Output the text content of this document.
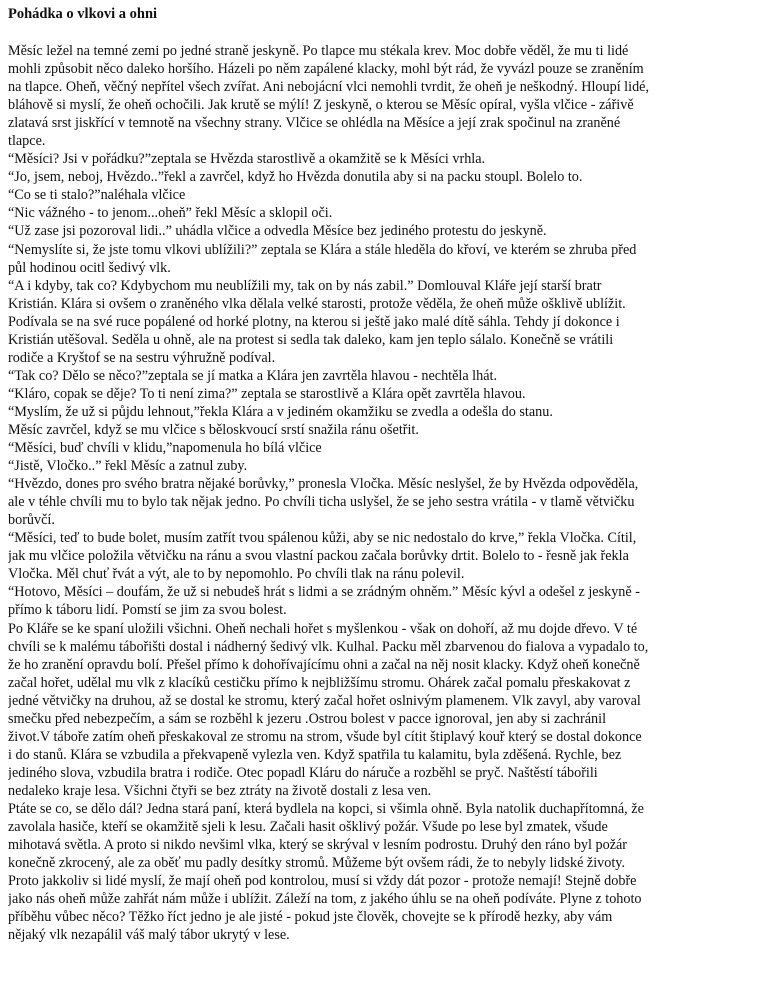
Pohádka o vlkovi a ohni
Měsíc ležel na temné zemi po jedné straně jeskyně. Po tlapce mu stékala krev. Moc dobře věděl, že mu ti lidé
mohli způsobit něco daleko horšího. Házeli po něm zapálené klacky, mohl být rád, že vyvázl pouze se zraněním
na tlapce. Oheň, věčný nepřítel všech zvířat. Ani nebojácní vlci nemohli tvrdit, že oheň je neškodný. Hloupí lidé,
bláhově si myslí, že oheň ochočili. Jak krutě se mýlí! Z jeskyně, o kterou se Měsíc opíral, vyšla vlčice - zářivě
zlatavá srst jiskřící v temnotě na všechny strany. Vlčice se ohlédla na Měsíce a její zrak spočinul na zraněné
tlapce.
“Měsíci? Jsi v pořádku?”zeptala se Hvězda starostlivě a okamžitě se k Měsíci vrhla.
“Jo, jsem, neboj, Hvězdo..”řekl a zavrčel, když ho Hvězda donutila aby si na packu stoupl. Bolelo to.
“Co se ti stalo?”naléhala vlčice
“Nic vážného - to jenom...oheň” řekl Měsíc a sklopil oči.
“Už zase jsi pozoroval lidi..” uhádla vlčice a odvedla Měsíce bez jediného protestu do jeskyně.
“Nemyslíte si, že jste tomu vlkovi ublížili?” zeptala se Klára a stále hleděla do křoví, ve kterém se zhruba před
půl hodinou ocitl šedivý vlk.
“A i kdyby, tak co? Kdybychom mu neublížili my, tak on by nás zabil.” Domlouval Kláře její starší bratr
Kristián. Klára si ovšem o zraněného vlka dělala velké starosti, protože věděla, že oheň může ošklivě ublížit.
Podívala se na své ruce popálené od horké plotny, na kterou si ještě jako malé dítě sáhla. Tehdy jí dokonce i
Kristián utěšoval. Seděla u ohně, ale na protest si sedla tak daleko, kam jen teplo sálalo. Konečně se vrátili
rodiče a Kryštof se na sestru výhružně podíval.
“Tak co? Dělo se něco?”zeptala se jí matka a Klára jen zavrtěla hlavou - nechtěla lhát.
“Kláro, copak se děje? To ti není zima?” zeptala se starostlivě a Klára opět zavrtěla hlavou.
“Myslím, že už si půjdu lehnout,”řekla Klára a v jediném okamžiku se zvedla a odešla do stanu.
Měsíc zavrčel, když se mu vlčice s běloskvoucí srstí snažila ránu ošetřit.
“Měsíci, buď chvíli v klidu,”napomenula ho bílá vlčice
“Jistě, Vločko..” řekl Měsíc a zatnul zuby.
“Hvězdo, dones pro svého bratra nějaké borůvky,” pronesla Vločka. Měsíc neslyšel, že by Hvězda odpověděla,
ale v téhle chvíli mu to bylo tak nějak jedno. Po chvíli ticha uslyšel, že se jeho sestra vrátila - v tlamě větvičku
borůvčí.
“Měsíci, teď to bude bolet, musím zatřít tvou spálenou kůži, aby se nic nedostalo do krve,” řekla Vločka. Cítil,
jak mu vlčice položila větvičku na ránu a svou vlastní packou začala borůvky drtit. Bolelo to - řesně jak řekla
Vločka. Měl chuť řvát a výt, ale to by nepomohlo. Po chvíli tlak na ránu polevil.
“Hotovo, Měsíci – doufám, že už si nebudeš hrát s lidmi a se zrádným ohněm.” Měsíc kývl a odešel z jeskyně -
přímo k táboru lidí. Pomstí se jim za svou bolest.
Po Kláře se ke spaní uložili všichni. Oheň nechali hořet s myšlenkou - však on dohoří, až mu dojde dřevo. V té
chvíli se k malému tábořišti dostal i nádherný šedivý vlk. Kulhal. Packu měl zbarvenou do fialova a vypadalo to,
že ho zranění opravdu bolí. Přešel přímo k dohořívajícímu ohni a začal na něj nosit klacky. Když oheň konečně
začal hořet, udělal mu vlk z klacíků cestičku přímo k nejbližšímu stromu. Ohárek začal pomalu přeskakovat z
jedné větvičky na druhou, až se dostal ke stromu, který začal hořet oslnivým plamenem. Vlk zavyl, aby varoval
smečku před nebezpečím, a sám se rozběhl k jezeru .Ostrou bolest v pacce ignoroval, jen aby si zachránil
život.V táboře zatím oheň přeskakoval ze stromu na strom, všude byl cítit štiplavý kouř který se dostal dokonce
i do stanů. Klára se vzbudila a překvapeně vylezla ven. Když spatřila tu kalamitu, byla zděšená. Rychle, bez
jediného slova, vzbudila bratra i rodiče. Otec popadl Kláru do náruče a rozběhl se pryč. Naštěstí tábořili
nedaleko kraje lesa. Všichni čtyři se bez ztráty na životě dostali z lesa ven.
Ptáte se co, se dělo dál? Jedna stará paní, která bydlela na kopci, si všimla ohně. Byla natolik duchapřítomná, že
zavolala hasiče, kteří se okamžitě sjeli k lesu. Začali hasit ošklivý požár. Všude po lese byl zmatek, všude
mihotavá světla. A proto si nikdo nevšiml vlka, který se skrýval v lesním podrostu. Druhý den ráno byl požár
konečně zkrocený, ale za oběť mu padly desítky stromů. Můžeme být ovšem rádi, že to nebyly lidské životy.
Proto jakkoliv si lidé myslí, že mají oheň pod kontrolou, musí si vždy dát pozor - protože nemají! Stejně dobře
jako nás oheň může zahřát nám může i ublížit. Záleží na tom, z jakého úhlu se na oheň podíváte. Plyne z tohoto
příběhu vůbec něco? Těžko říct jedno je ale jisté - pokud jste člověk, chovejte se k přírodě hezky, aby vám
nějaký vlk nezapálil váš malý tábor ukrytý v lese.
